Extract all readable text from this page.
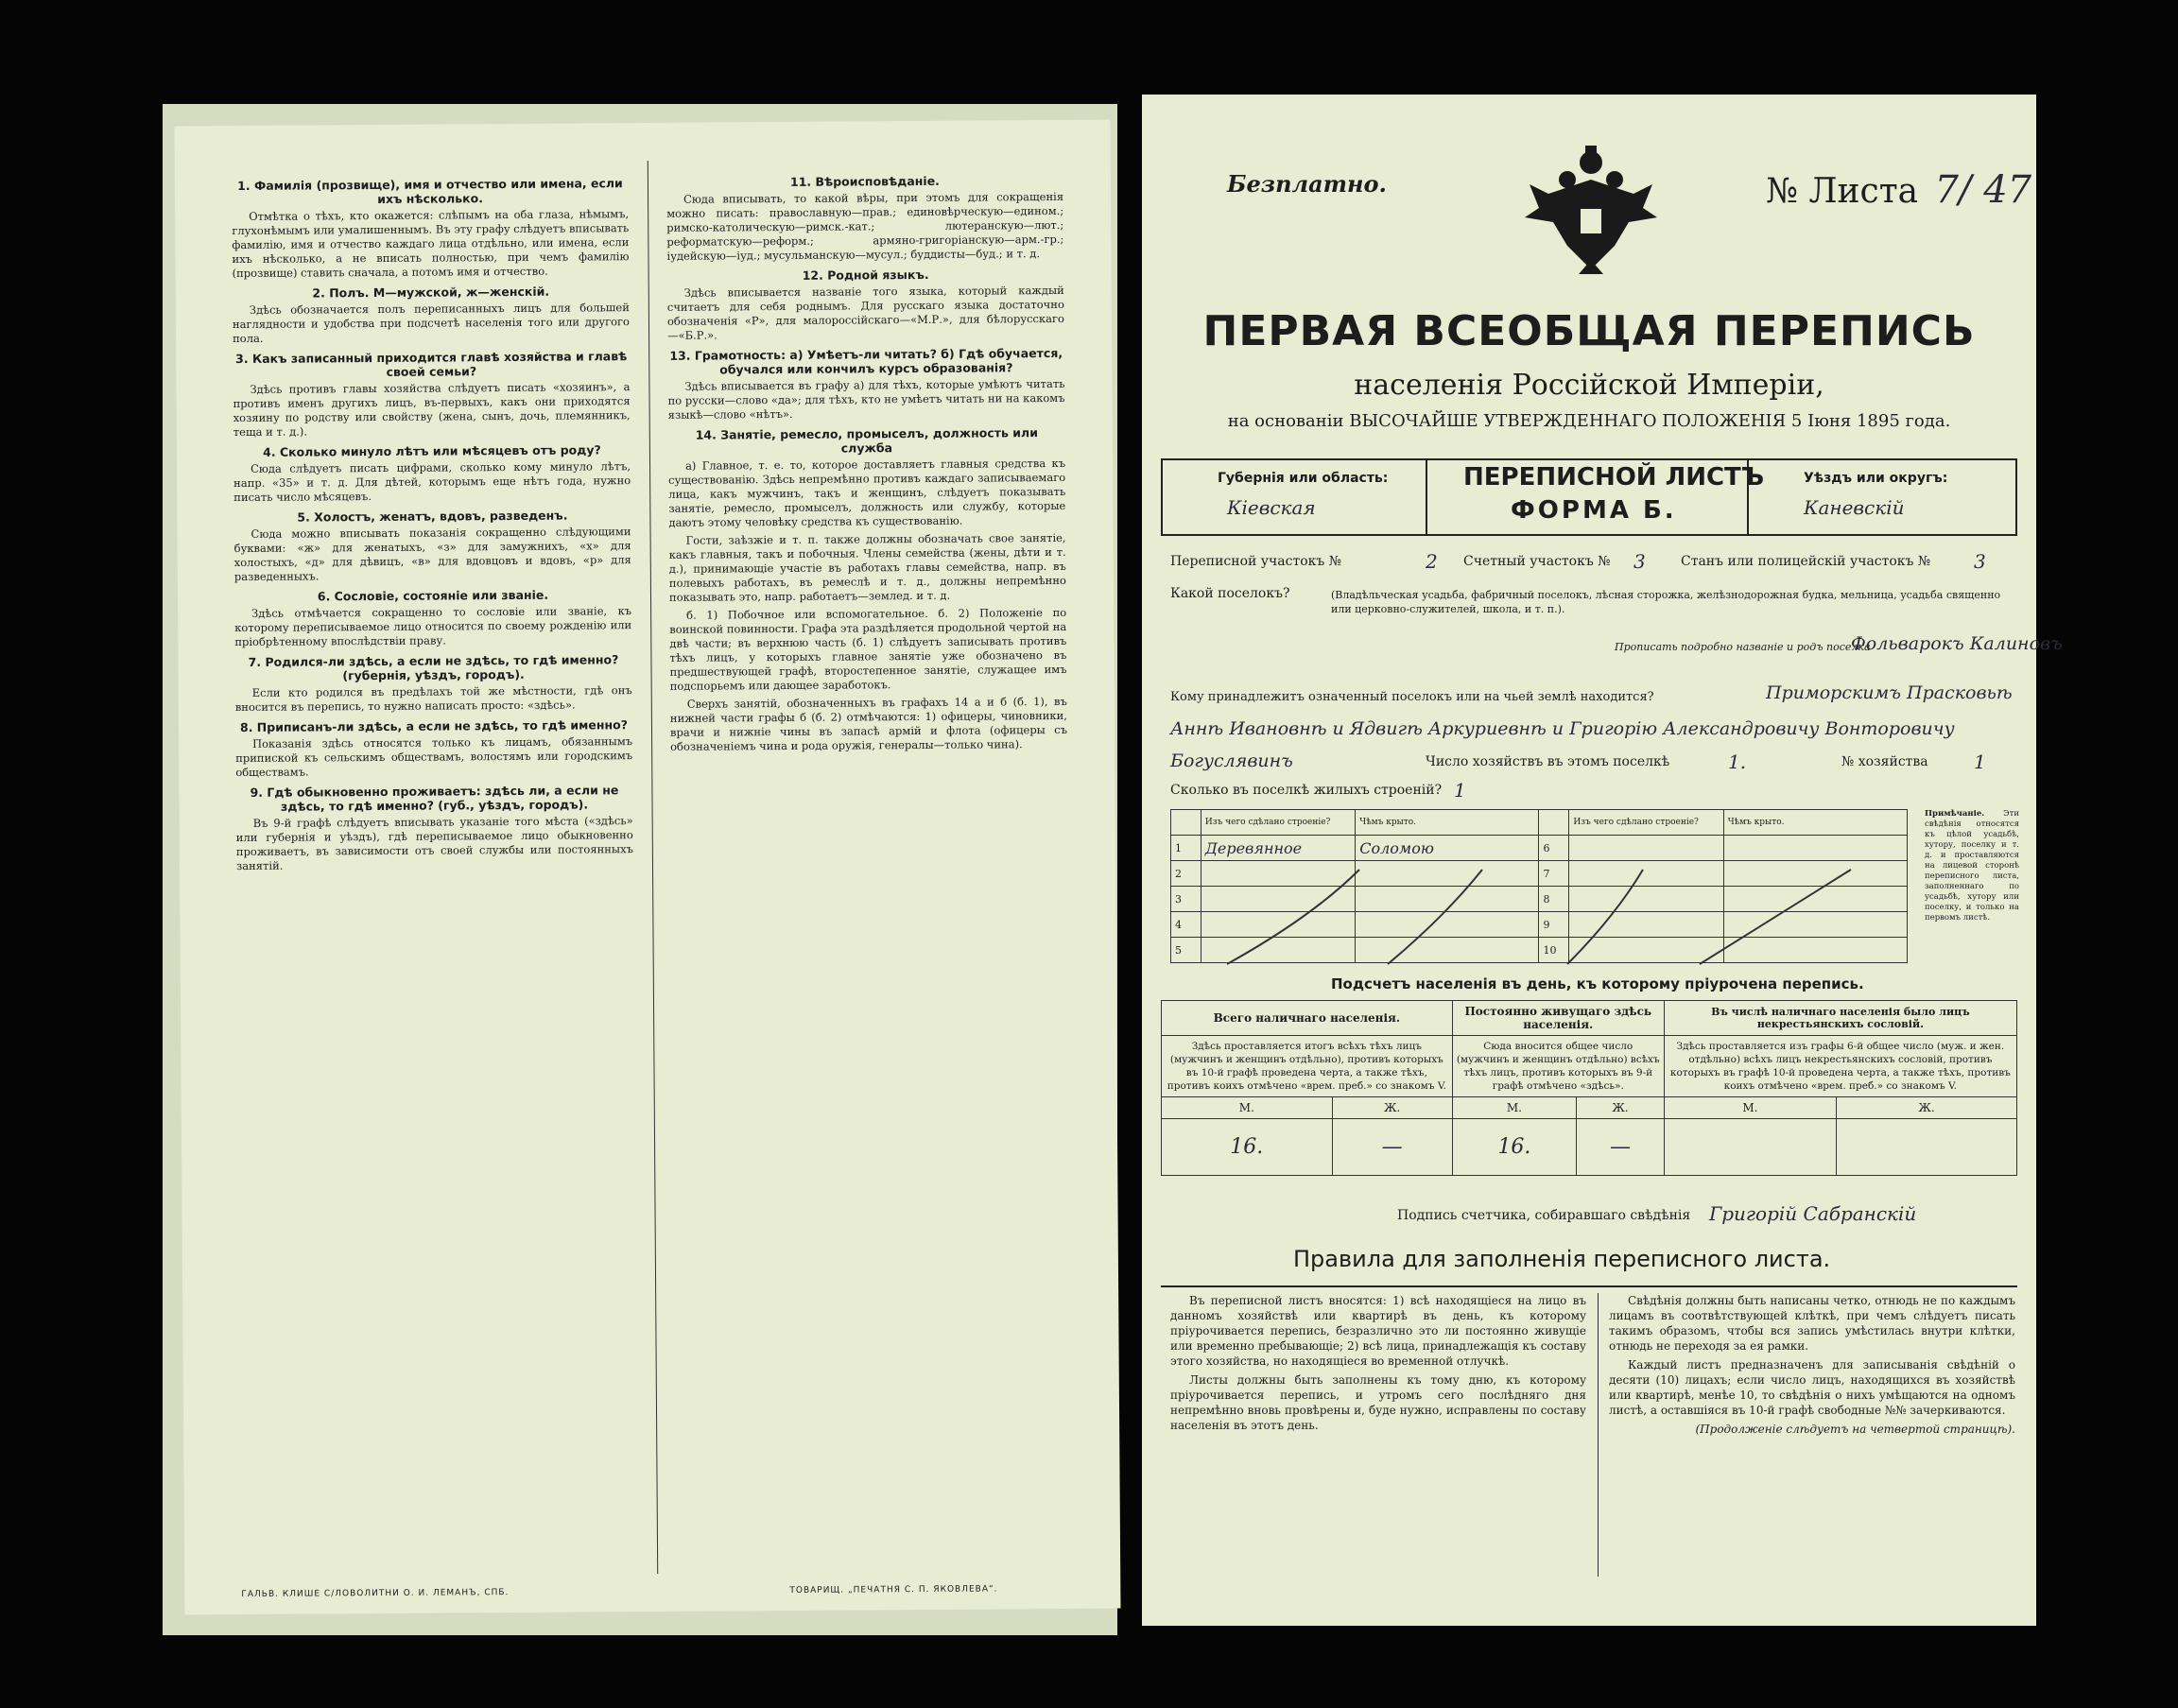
1. Фамилія (прозвище), имя и отчество или имена, если ихъ нѣсколько.

Отмѣтка о тѣхъ, кто окажется: слѣпымъ на оба глаза, нѣмымъ, глухонѣмымъ или умалишеннымъ. Въ эту графу слѣдуетъ вписывать фамилію, имя и отчество каждаго лица отдѣльно, или имена, если ихъ нѣсколько, а не вписать полностью, при чемъ фамилію (прозвище) ставить сначала, а потомъ имя и отчество.

2. Полъ. М—мужской, ж—женскій.

Здѣсь обозначается полъ переписанныхъ лицъ для большей наглядности и удобства при подсчетѣ населенія того или другого пола.

3. Какъ записанный приходится главѣ хозяйства и главѣ своей семьи?

Здѣсь противъ главы хозяйства слѣдуетъ писать «хозяинъ», а противъ именъ другихъ лицъ, въ-первыхъ, какъ они приходятся хозяину по родству или свойству (жена, сынъ, дочь, племянникъ, теща и т. д.).

4. Сколько минуло лѣтъ или мѣсяцевъ отъ роду?

Сюда слѣдуетъ писать цифрами, сколько кому минуло лѣтъ, напр. «35» и т. д. Для дѣтей, которымъ еще нѣтъ года, нужно писать число мѣсяцевъ.

5. Холостъ, женатъ, вдовъ, разведенъ.

Сюда можно вписывать показанія сокращенно слѣдующими буквами: «ж» для женатыхъ, «з» для замужнихъ, «х» для холостыхъ, «д» для дѣвицъ, «в» для вдовцовъ и вдовъ, «р» для разведенныхъ.

6. Сословіе, состояніе или званіе.

Здѣсь отмѣчается сокращенно то сословіе или званіе, къ которому переписываемое лицо относится по своему рожденію или пріобрѣтенному впослѣдствіи праву.

7. Родился-ли здѣсь, а если не здѣсь, то гдѣ именно? (губернія, уѣздъ, городъ).

Если кто родился въ предѣлахъ той же мѣстности, гдѣ онъ вносится въ перепись, то нужно написать просто: «здѣсь».

8. Приписанъ-ли здѣсь, а если не здѣсь, то гдѣ именно?

Показанія здѣсь относятся только къ лицамъ, обязаннымъ припиской къ сельскимъ обществамъ, волостямъ или городскимъ обществамъ.

9. Гдѣ обыкновенно проживаетъ: здѣсь ли, а если не здѣсь, то гдѣ именно? (губ., уѣздъ, городъ).

Въ 9-й графѣ слѣдуетъ вписывать указаніе того мѣста («здѣсь» или губернія и уѣздъ), гдѣ переписываемое лицо обыкновенно проживаетъ, въ зависимости отъ своей службы или постоянныхъ занятій.

11. Вѣроисповѣданіе.

Сюда вписывать, то какой вѣры, при этомъ для сокращенія можно писать: православную—прав.; единовѣрческую—едином.; римско-католическую—римск.-кат.; лютеранскую—лют.; реформатскую—реформ.; армяно-григоріанскую—арм.-гр.; іудейскую—іуд.; мусульманскую—мусул.; буддисты—буд.; и т. д.

12. Родной языкъ.

Здѣсь вписывается названіе того языка, который каждый считаетъ для себя роднымъ. Для русскаго языка достаточно обозначенія «Р», для малороссійскаго—«М.Р.», для бѣлорусскаго—«Б.Р.».

13. Грамотность: а) Умѣетъ-ли читать? б) Гдѣ обучается, обучался или кончилъ курсъ образованія?

Здѣсь вписывается въ графу а) для тѣхъ, которые умѣютъ читать по русски—слово «да»; для тѣхъ, кто не умѣетъ читать ни на какомъ языкѣ—слово «нѣтъ».

14. Занятіе, ремесло, промыселъ, должность или служба

а) Главное, т. е. то, которое доставляетъ главныя средства къ существованію. Здѣсь непремѣнно противъ каждаго записываемаго лица, какъ мужчинъ, такъ и женщинъ, слѣдуетъ показывать занятіе, ремесло, промыселъ, должность или службу, которые даютъ этому человѣку средства къ существованію.

Гости, заѣзжіе и т. п. также должны обозначать свое занятіе, какъ главныя, такъ и побочныя. Члены семейства (жены, дѣти и т. д.), принимающіе участіе въ работахъ главы семейства, напр. въ полевыхъ работахъ, въ ремеслѣ и т. д., должны непремѣнно показывать это, напр. работаетъ—землед. и т. д.

б. 1) Побочное или вспомогательное. б. 2) Положеніе по воинской повинности. Графа эта раздѣляется продольной чертой на двѣ части; въ верхнюю часть (б. 1) слѣдуетъ записывать противъ тѣхъ лицъ, у которыхъ главное занятіе уже обозначено въ предшествующей графѣ, второстепенное занятіе, служащее имъ подспорьемъ или дающее заработокъ.

Сверхъ занятій, обозначенныхъ въ графахъ 14 а и б (б. 1), въ нижней части графы б (б. 2) отмѣчаются: 1) офицеры, чиновники, врачи и нижніе чины въ запасѣ армій и флота (офицеры съ обозначеніемъ чина и рода оружія, генералы—только чина).

ГАЛЬВ. КЛИШЕ С/ЛОВОЛИТНИ О. И. ЛЕМАНЪ, СПБ.	ТОВАРИЩ. „ПЕЧАТНЯ С. П. ЯКОВЛЕВА“.
Безплатно.	№ Листа 7/ 47
ПЕРВАЯ ВСЕОБЩАЯ ПЕРЕПИСЬ
населенія Россійской Имперіи,
на основаніи ВЫСОЧАЙШЕ УТВЕРЖДЕННАГО ПОЛОЖЕНІЯ 5 Іюня 1895 года.
Губернія или область:
Кіевская
ПЕРЕПИСНОЙ ЛИСТЪ
ФОРМА Б.
Уѣздъ или округъ:
Каневскій
Переписной участокъ №	2 Счетный участокъ № 3	Станъ или полицейскій участокъ № 3
Какой поселокъ?	(Владѣльческая усадьба, фабричный поселокъ, лѣсная сторожка, желѣзнодорожная будка, мельница, усадьба священно или церковно-служителей, школа, и т. п.).
Прописать подробно названіе и родъ поселка
Фольварокъ Калиновъ
Кому принадлежитъ означенный поселокъ или на чьей землѣ находится?	Приморскимъ Прасковьѣ
Аннѣ Ивановнѣ и Ядвигѣ Аркуриевнѣ и Григорію Александровичу Вонторовичу
Богуслявинъ	Число хозяйствъ въ этомъ поселкѣ	1.	№ хозяйства 1
Сколько въ поселкѣ жилыхъ строеній? 1
	Изъ чего сдѣлано строеніе?	Чѣмъ крыто.		Изъ чего сдѣлано строеніе?	Чѣмъ крыто.
1	Деревянное	Соломою	6		
2			7		
3			8		
4			9		
5			10		
Примѣчаніе. Эти свѣдѣнія относятся къ цѣлой усадьбѣ, хутору, поселку и т. д. и проставляются на лицевой сторонѣ переписного листа, заполненнаго по усадьбѣ, хутору или поселку, и только на первомъ листѣ.
Подсчетъ населенія въ день, къ которому пріурочена перепись.
Всего наличнаго населенія.		Постоянно живущаго здѣсь населенія.		Въ числѣ наличнаго населенія было лицъ некрестьянскихъ сословій.	
Здѣсь проставляется итогъ всѣхъ тѣхъ лицъ (мужчинъ и женщинъ отдѣльно), противъ которыхъ въ 10-й графѣ проведена черта, а также тѣхъ, противъ коихъ отмѣчено «врем. преб.» со знакомъ V.		Сюда вносится общее число (мужчинъ и женщинъ отдѣльно) всѣхъ тѣхъ лицъ, противъ которыхъ въ 9-й графѣ отмѣчено «здѣсь».		Здѣсь проставляется изъ графы 6-й общее число (муж. и жен. отдѣльно) всѣхъ лицъ некрестьянскихъ сословій, противъ которыхъ въ графѣ 10-й проведена черта, а также тѣхъ, противъ коихъ отмѣчено «врем. преб.» со знакомъ V.	
М.	Ж.	М.	Ж.	М.	Ж.
16.	—	16.	—		
Подпись счетчика, собиравшаго свѣдѣнія Григорій Сабранскій
Правила для заполненія переписного листа.

Въ переписной листъ вносятся: 1) всѣ находящіеся на лицо въ данномъ хозяйствѣ или квартирѣ въ день, къ которому пріурочивается перепись, безразлично это ли постоянно живущіе или временно пребывающіе; 2) всѣ лица, принадлежащія къ составу этого хозяйства, но находящіеся во временной отлучкѣ.

Листы должны быть заполнены къ тому дню, къ которому пріурочивается перепись, и утромъ сего послѣдняго дня непремѣнно вновь провѣрены и, буде нужно, исправлены по составу населенія въ этотъ день.

Свѣдѣнія должны быть написаны четко, отнюдь не по каждымъ лицамъ въ соотвѣтствующей клѣткѣ, при чемъ слѣдуетъ писать такимъ образомъ, чтобы вся запись умѣстилась внутри клѣтки, отнюдь не переходя за ея рамки.

Каждый листъ предназначенъ для записыванія свѣдѣній о десяти (10) лицахъ; если число лицъ, находящихся въ хозяйствѣ или квартирѣ, менѣе 10, то свѣдѣнія о нихъ умѣщаются на одномъ листѣ, а оставшіяся въ 10-й графѣ свободные №№ зачеркиваются.

(Продолженіе слѣдуетъ на четвертой страницѣ).
